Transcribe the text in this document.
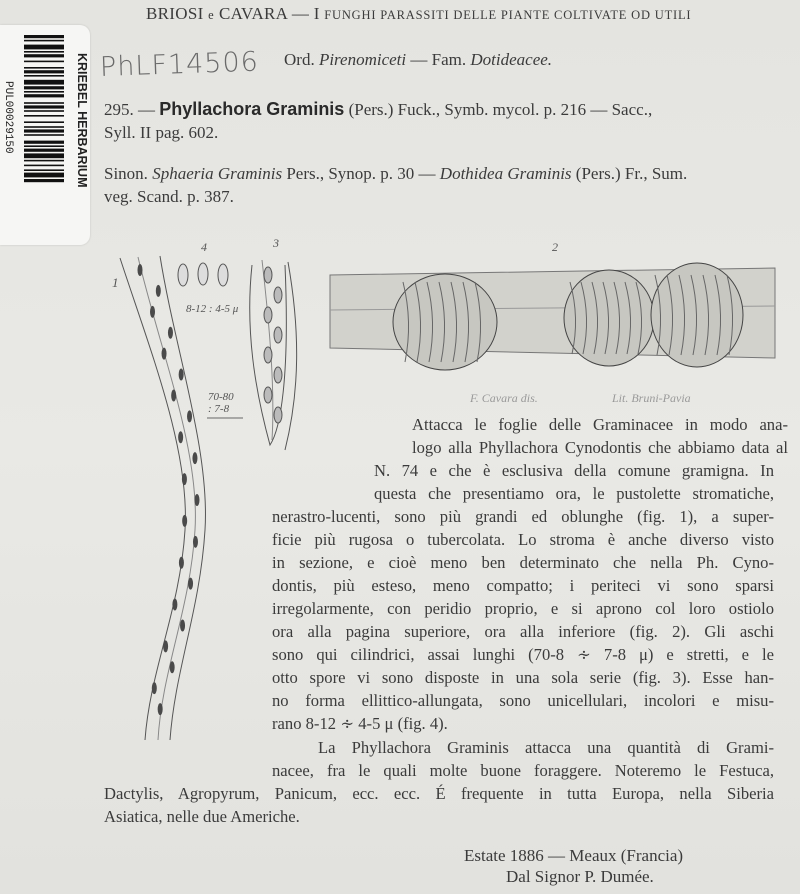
BRIOSI e CAVARA — I FUNGHI PARASSITI DELLE PIANTE COLTIVATE OD UTILI
Ord. Pirenomiceti — Fam. Dotideacee.
PhLF14506
KRIEBEL HERBARIUM
PUL00029150	295. — Phyllachora Graminis (Pers.) Fuck., Symb. mycol. p. 216 — Sacc.,
Syll. II pag. 602.
Sinon. Sphaeria Graminis Pers., Synop. p. 30 — Dothidea Graminis (Pers.) Fr., Sum.
veg. Scand. p. 387.
1
4	3	2
8-12 : 4-5 μ
70-80
: 7-8
F. Cavara dis.	Lit. Bruni-Pavia
Estate 1886 — Meaux (Francia)
Dal Signor P. Dumée.
Attacca le foglie delle Graminacee in modo ana-
logo alla Phyllachora Cynodontis che abbiamo data al
N. 74 e che è esclusiva della comune gramigna. In
questa che presentiamo ora, le pustolette stromatiche,
nerastro-lucenti, sono più grandi ed oblunghe (fig. 1), a super-
ficie più rugosa o tubercolata. Lo stroma è anche diverso visto
in sezione, e cioè meno ben determinato che nella Ph. Cyno-
dontis, più esteso, meno compatto; i periteci vi sono sparsi
irregolarmente, con peridio proprio, e si aprono col loro ostiolo
ora alla pagina superiore, ora alla inferiore (fig. 2). Gli aschi
sono qui cilindrici, assai lunghi (70-8 ∻ 7-8 μ) e stretti, e le
otto spore vi sono disposte in una sola serie (fig. 3). Esse han-
no forma ellittico-allungata, sono unicellulari, incolori e misu-
rano 8-12 ∻ 4-5 μ (fig. 4).
La Phyllachora Graminis attacca una quantità di Grami-
nacee, fra le quali molte buone foraggere. Noteremo le Festuca,
Dactylis, Agropyrum, Panicum, ecc. ecc. É frequente in tutta Europa, nella Siberia
Asiatica, nelle due Americhe.
